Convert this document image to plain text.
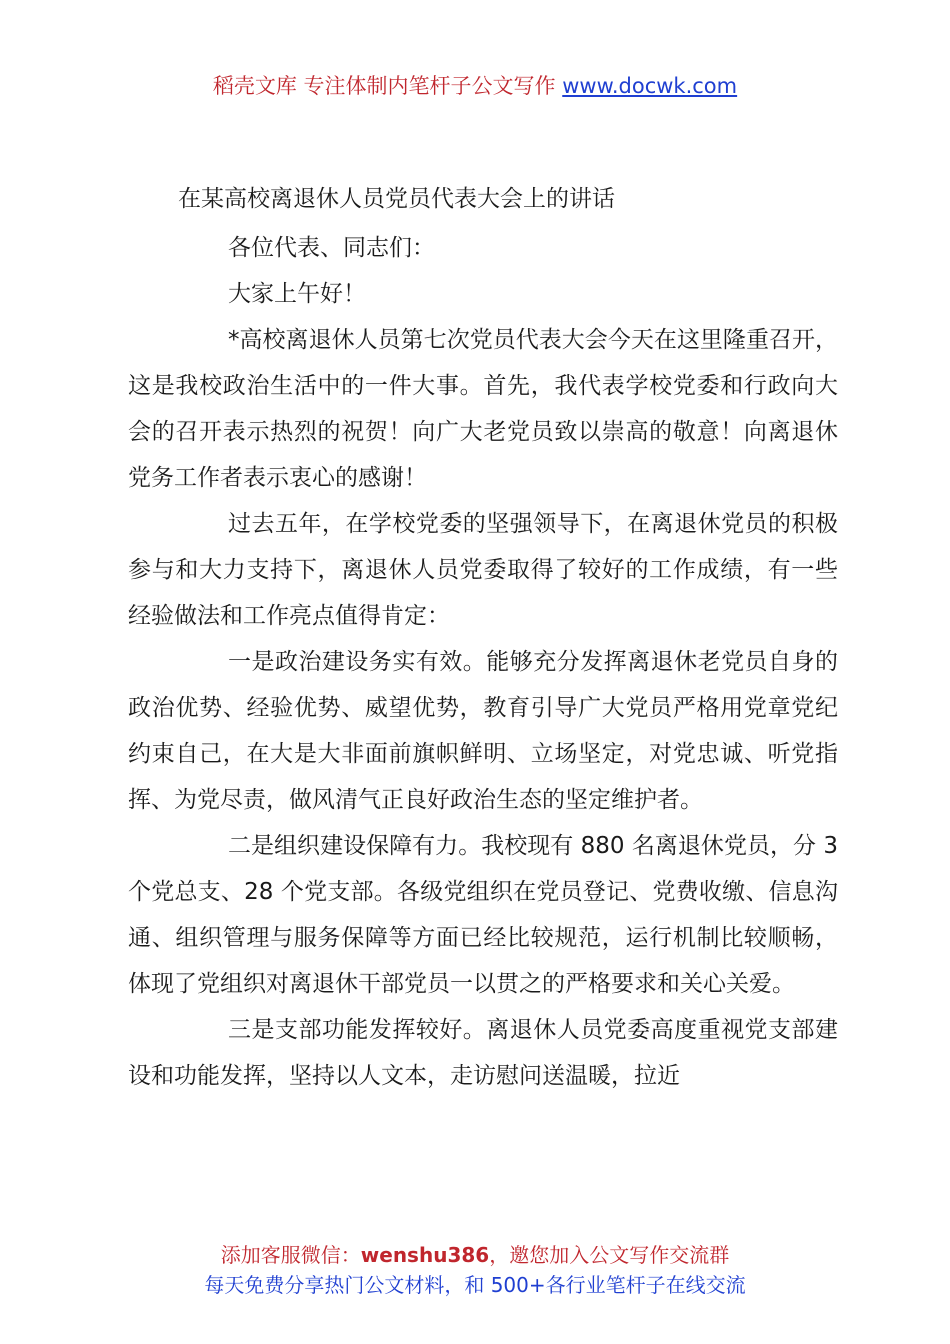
稻壳文库 专注体制内笔杆子公文写作 www.docwk.com
在某高校离退休人员党员代表大会上的讲话

各位代表、同志们：

大家上午好！

*高校离退休人员第七次党员代表大会今天在这里隆重召开，这是我校政治生活中的一件大事。首先，我代表学校党委和行政向大会的召开表示热烈的祝贺！向广大老党员致以崇高的敬意！向离退休党务工作者表示衷心的感谢！

过去五年，在学校党委的坚强领导下，在离退休党员的积极参与和大力支持下，离退休人员党委取得了较好的工作成绩，有一些经验做法和工作亮点值得肯定：

一是政治建设务实有效。能够充分发挥离退休老党员自身的政治优势、经验优势、威望优势，教育引导广大党员严格用党章党纪约束自己，在大是大非面前旗帜鲜明、立场坚定，对党忠诚、听党指挥、为党尽责，做风清气正良好政治生态的坚定维护者。

二是组织建设保障有力。我校现有 880 名离退休党员，分 3 个党总支、28 个党支部。各级党组织在党员登记、党费收缴、信息沟通、组织管理与服务保障等方面已经比较规范，运行机制比较顺畅，体现了党组织对离退休干部党员一以贯之的严格要求和关心关爱。

三是支部功能发挥较好。离退休人员党委高度重视党支部建设和功能发挥，坚持以人文本，走访慰问送温暖，拉近

添加客服微信：wenshu386，邀您加入公文写作交流群
每天免费分享热门公文材料，和 500+各行业笔杆子在线交流
